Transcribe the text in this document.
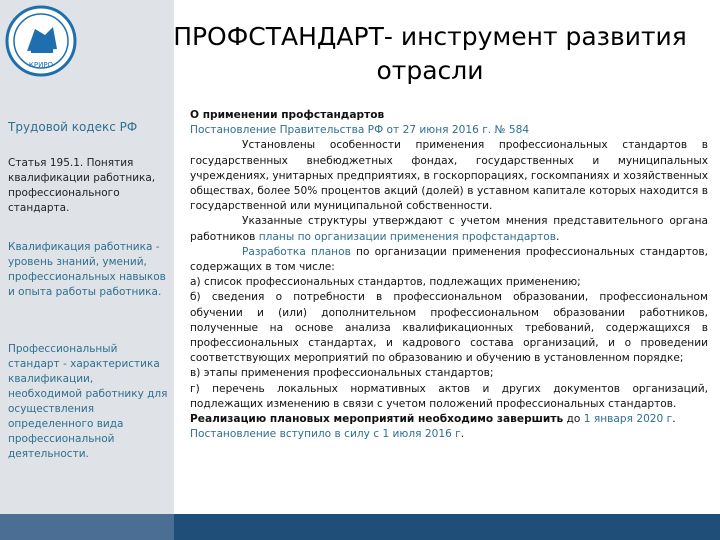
КРИРО
ПРОФСТАНДАРТ- инструмент развития
отрасли
Трудовой кодекс РФ
Статья 195.1. Понятия квалификации работника, профессионального стандарта.
Квалификация работника - уровень знаний, умений, профессиональных навыков и опыта работы работника.
Профессиональный стандарт - характеристика квалификации, необходимой работнику для осуществления определенного вида профессиональной деятельности.

О применении профстандартов

Постановление Правительства РФ от 27 июня 2016 г. № 584

Установлены особенности применения профессиональных стандартов в государственных внебюджетных фондах, государственных и муниципальных учреждениях, унитарных предприятиях, в госкорпорациях, госкомпаниях и хозяйственных обществах, более 50% процентов акций (долей) в уставном капитале которых находится в государственной или муниципальной собственности.

Указанные структуры утверждают с учетом мнения представительного органа работников планы по организации применения профстандартов.

Разработка планов по организации применения профессиональных стандартов, содержащих в том числе:

а) список профессиональных стандартов, подлежащих применению;

б) сведения о потребности в профессиональном образовании, профессиональном обучении и (или) дополнительном профессиональном образовании работников, полученные на основе анализа квалификационных требований, содержащихся в профессиональных стандартах, и кадрового состава организаций, и о проведении соответствующих мероприятий по образованию и обучению в установленном порядке;

в) этапы применения профессиональных стандартов;

г) перечень локальных нормативных актов и других документов организаций, подлежащих изменению в связи с учетом положений профессиональных стандартов.

Реализацию плановых мероприятий необходимо завершить до 1 января 2020 г.

Постановление вступило в силу с 1 июля 2016 г.
